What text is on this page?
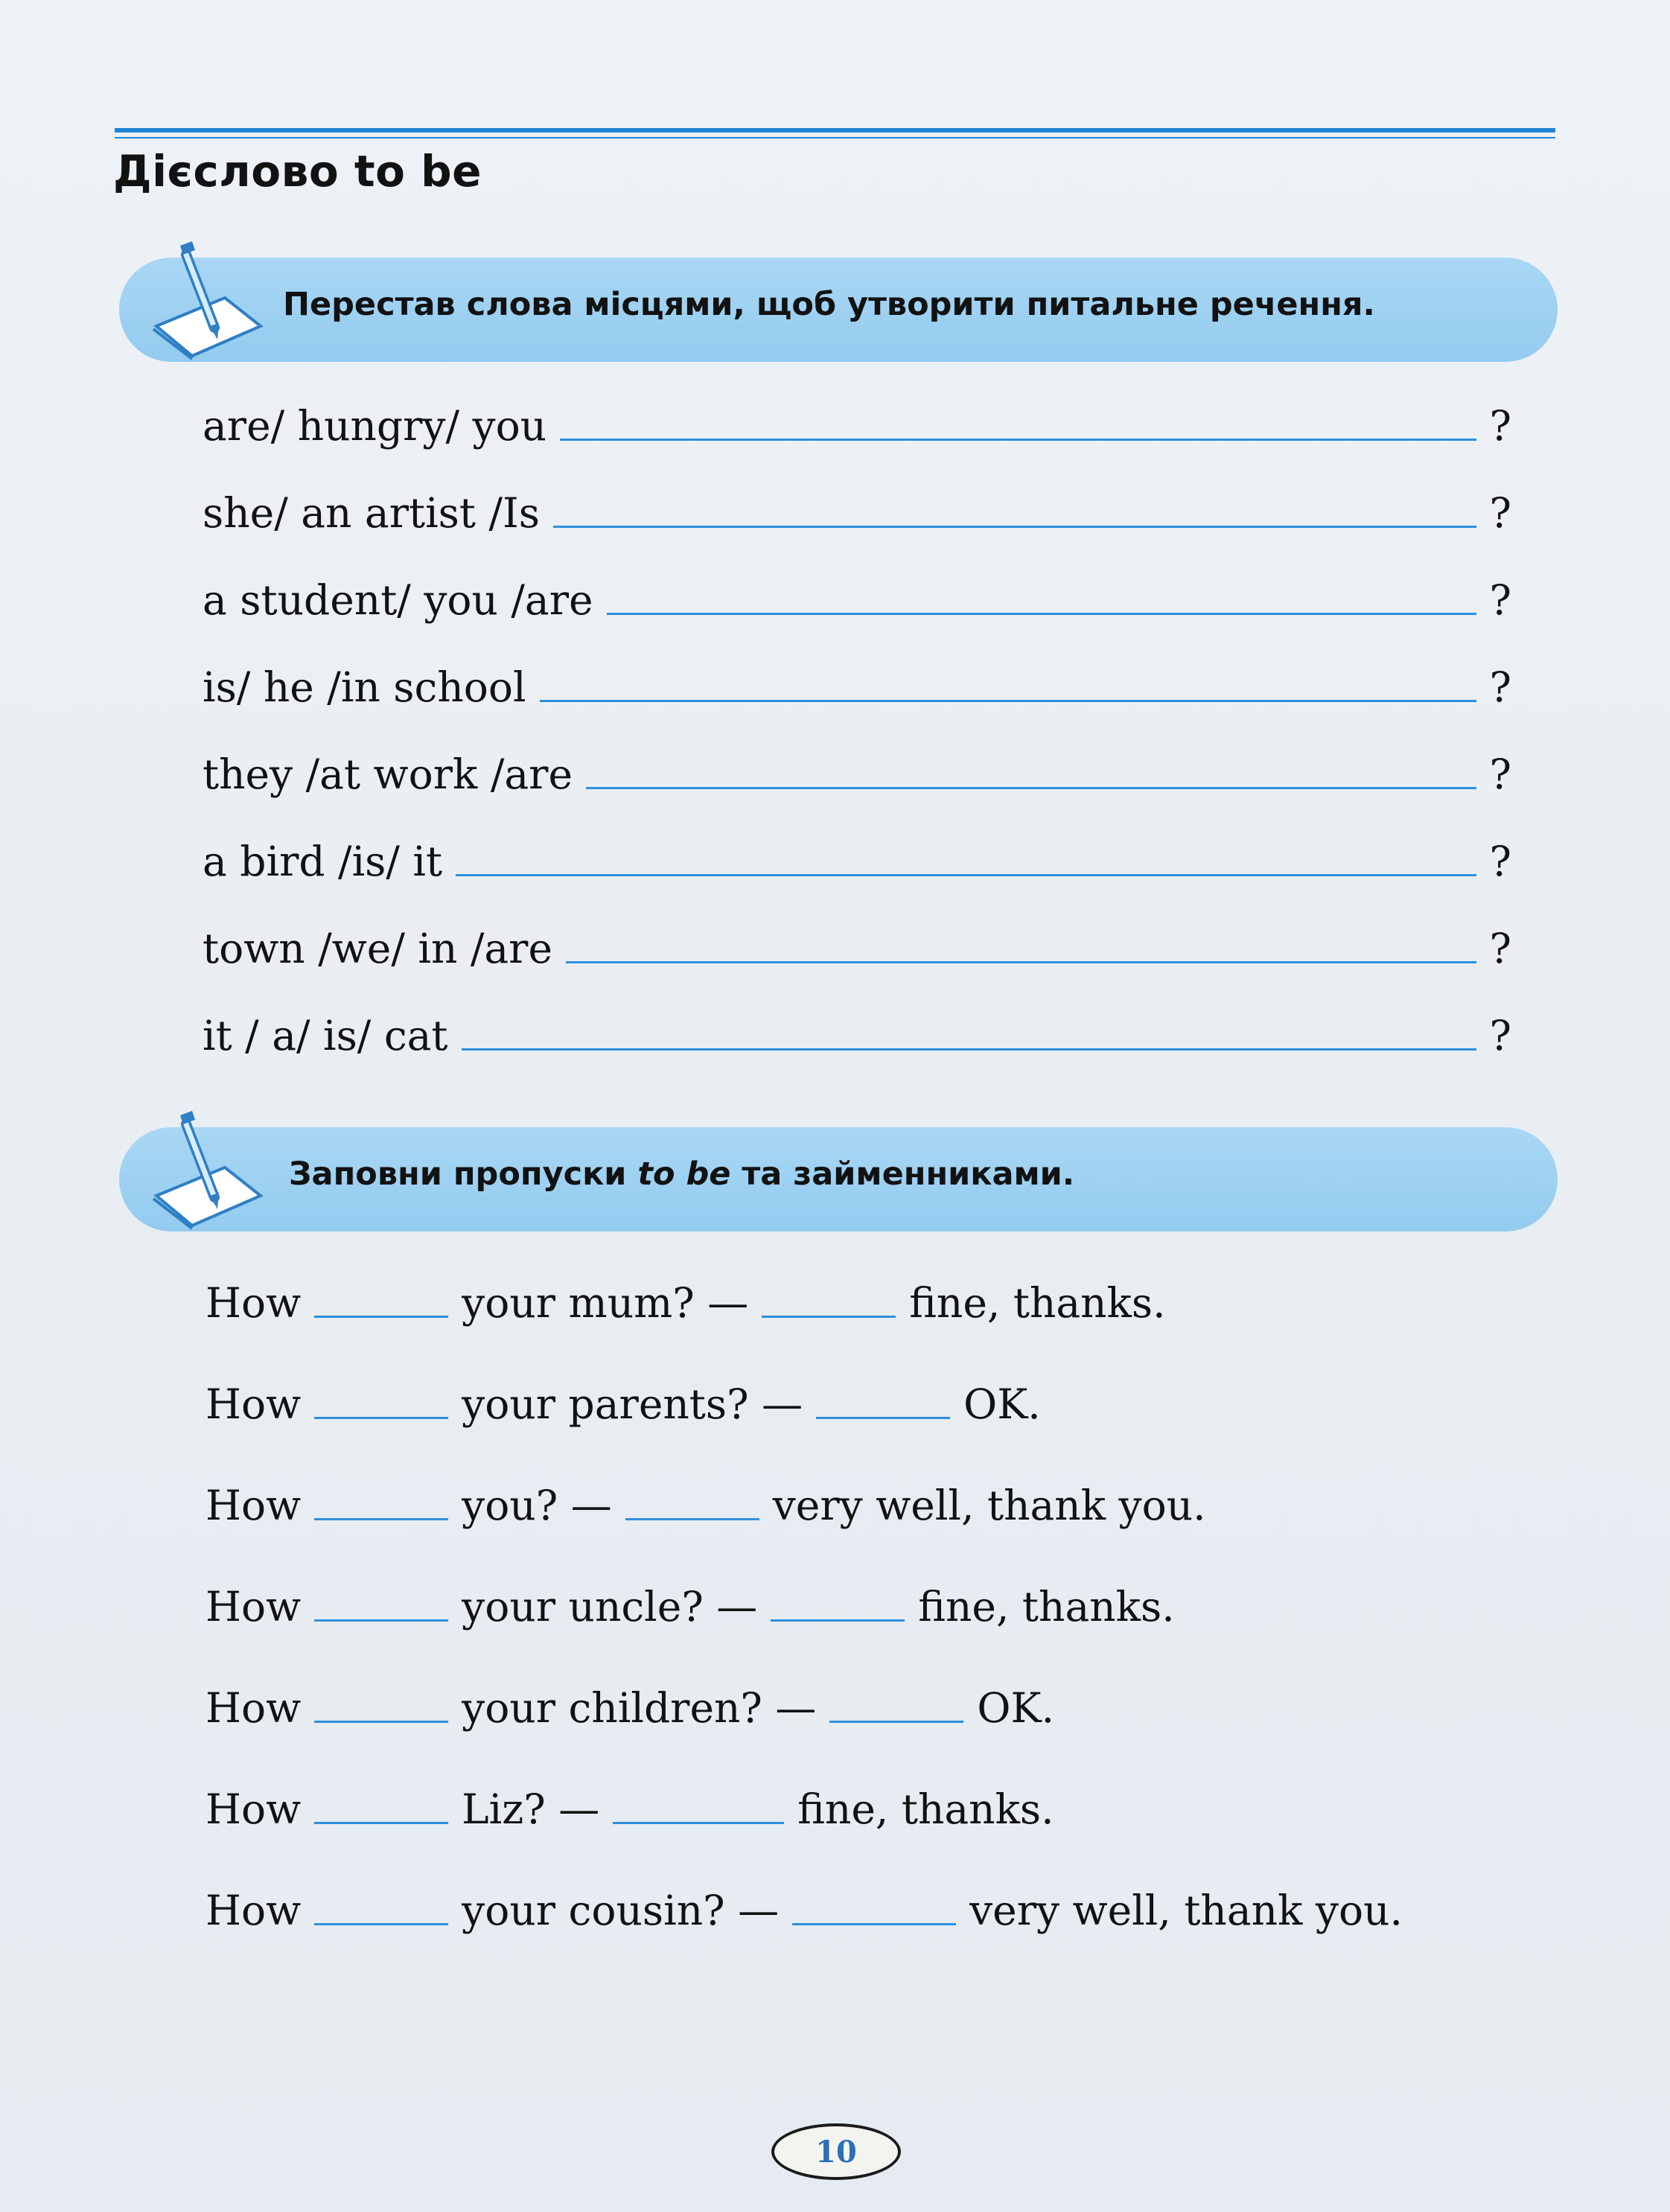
Дієслово to be
Перестав слова місцями, щоб утворити питальне речення.
are/ hungry/ you	?
she/ an artist /Is	?
a student/ you /are	?
is/ he /in school	?
they /at work /are	?
a bird /is/ it	?
town /we/ in /are	?
it / a/ is/ cat	?
Заповни пропуски to be та займенниками.
How	your mum? —	fine, thanks.
How	your parents? —	OK.
How	you? —	very well, thank you.
How	your uncle? —	fine, thanks.
How	your children? —	OK.
How	Liz? —	fine, thanks.
How	your cousin? —	very well, thank you.
10
